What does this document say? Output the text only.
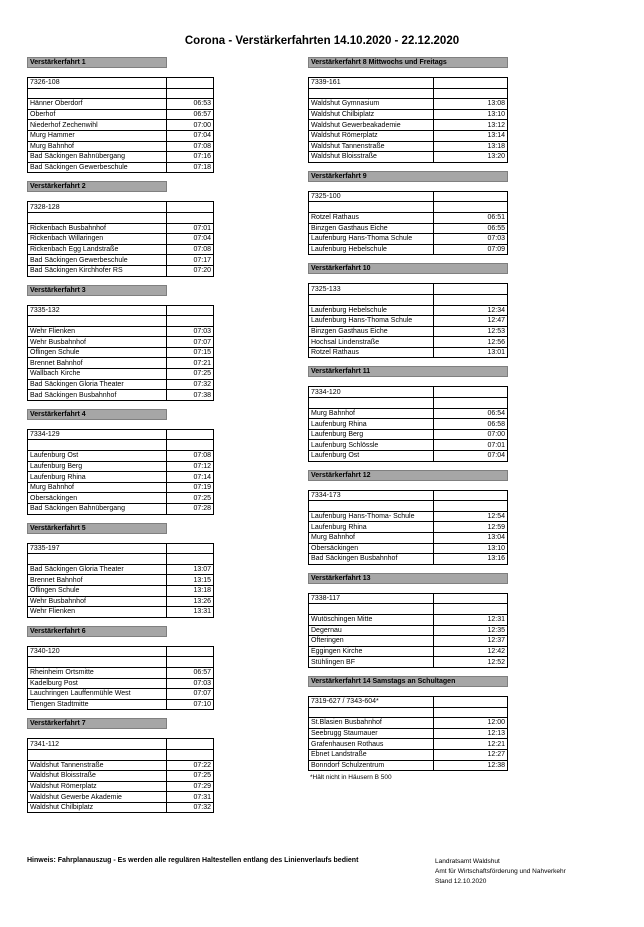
Corona - Verstärkerfahrten 14.10.2020 - 22.12.2020
Verstärkerfahrt 1
7326-108	

Hänner Oberdorf	06:53
Oberhof	06:57
Niederhof Zechenwihl	07:00
Murg Hammer	07:04
Murg Bahnhof	07:08
Bad Säckingen Bahnübergang	07:16
Bad Säckingen Gewerbeschule	07:18
Verstärkerfahrt 2
7328-128	

Rickenbach Busbahnhof	07:01
Rickenbach Willaringen	07:04
Rickenbach Egg Landstraße	07:08
Bad Säckingen Gewerbeschule	07:17
Bad Säckingen Kirchhofer RS	07:20
Verstärkerfahrt 3
7335-132	

Wehr Flienken	07:03
Wehr Busbahnhof	07:07
Öflingen Schule	07:15
Brennet Bahnhof	07:21
Wallbach Kirche	07:25
Bad Säckingen Gloria Theater	07:32
Bad Säckingen Busbahnhof	07:38
Verstärkerfahrt 4
7334-129	

Laufenburg Ost	07:08
Laufenburg Berg	07:12
Laufenburg Rhina	07:14
Murg Bahnhof	07:19
Obersäckingen	07:25
Bad Säckingen Bahnübergang	07:28
Verstärkerfahrt 5
7335-197	

Bad Säckingen Gloria Theater	13:07
Brennet Bahnhof	13:15
Öflingen Schule	13:18
Wehr Busbahnhof	13:26
Wehr Flienken	13:31
Verstärkerfahrt 6
7340-120	

Rheinheim Ortsmitte	06:57
Kadelburg Post	07:03
Lauchringen Lauffenmühle West	07:07
Tiengen Stadtmitte	07:10
Verstärkerfahrt 7
7341-112	

Waldshut Tannenstraße	07:22
Waldshut Bloisstraße	07:25
Waldshut Römerplatz	07:29
Waldshut Gewerbe Akademie	07:31
Waldshut Chilbiplatz	07:32
Verstärkerfahrt 8 Mittwochs und Freitags
7339-161	

Waldshut Gymnasium	13:08
Waldshut Chilbiplatz	13:10
Waldshut Gewerbeakademie	13:12
Waldshut Römerplatz	13:14
Waldshut Tannenstraße	13:18
Waldshut Bloisstraße	13:20
Verstärkerfahrt 9
7325-100	

Rotzel Rathaus	06:51
Binzgen Gasthaus Eiche	06:55
Laufenburg Hans-Thoma Schule	07:03
Laufenburg Hebelschule	07:09
Verstärkerfahrt 10
7325-133	

Laufenburg Hebelschule	12:34
Laufenburg Hans-Thoma Schule	12:47
Binzgen Gasthaus Eiche	12:53
Hochsal Lindenstraße	12:56
Rotzel Rathaus	13:01
Verstärkerfahrt 11
7334-120	

Murg Bahnhof	06:54
Laufenburg Rhina	06:58
Laufenburg Berg	07:00
Laufenburg Schlössle	07:01
Laufenburg Ost	07:04
Verstärkerfahrt 12
7334-173	

Laufenburg Hans-Thoma- Schule	12:54
Laufenburg Rhina	12:59
Murg Bahnhof	13:04
Obersäckingen	13:10
Bad Säckingen Busbahnhof	13:16
Verstärkerfahrt 13
7338-117	

Wutöschingen Mitte	12:31
Degernau	12:35
Ofteringen	12:37
Eggingen Kirche	12:42
Stühlingen BF	12:52
Verstärkerfahrt 14 Samstags an Schultagen
7319-627 / 7343-604*	

St.Blasien Busbahnhof	12:00
Seebrugg Staumauer	12:13
Grafenhausen Rothaus	12:21
Ebnet Landstraße	12:27
Bonndorf Schulzentrum	12:38
*Hält nicht in Häusern B 500
Hinweis: Fahrplanauszug - Es werden alle regulären Haltestellen entlang des Linienverlaufs bedient	Landratsamt Waldshut
Amt für Wirtschaftsförderung und Nahverkehr
Stand 12.10.2020
